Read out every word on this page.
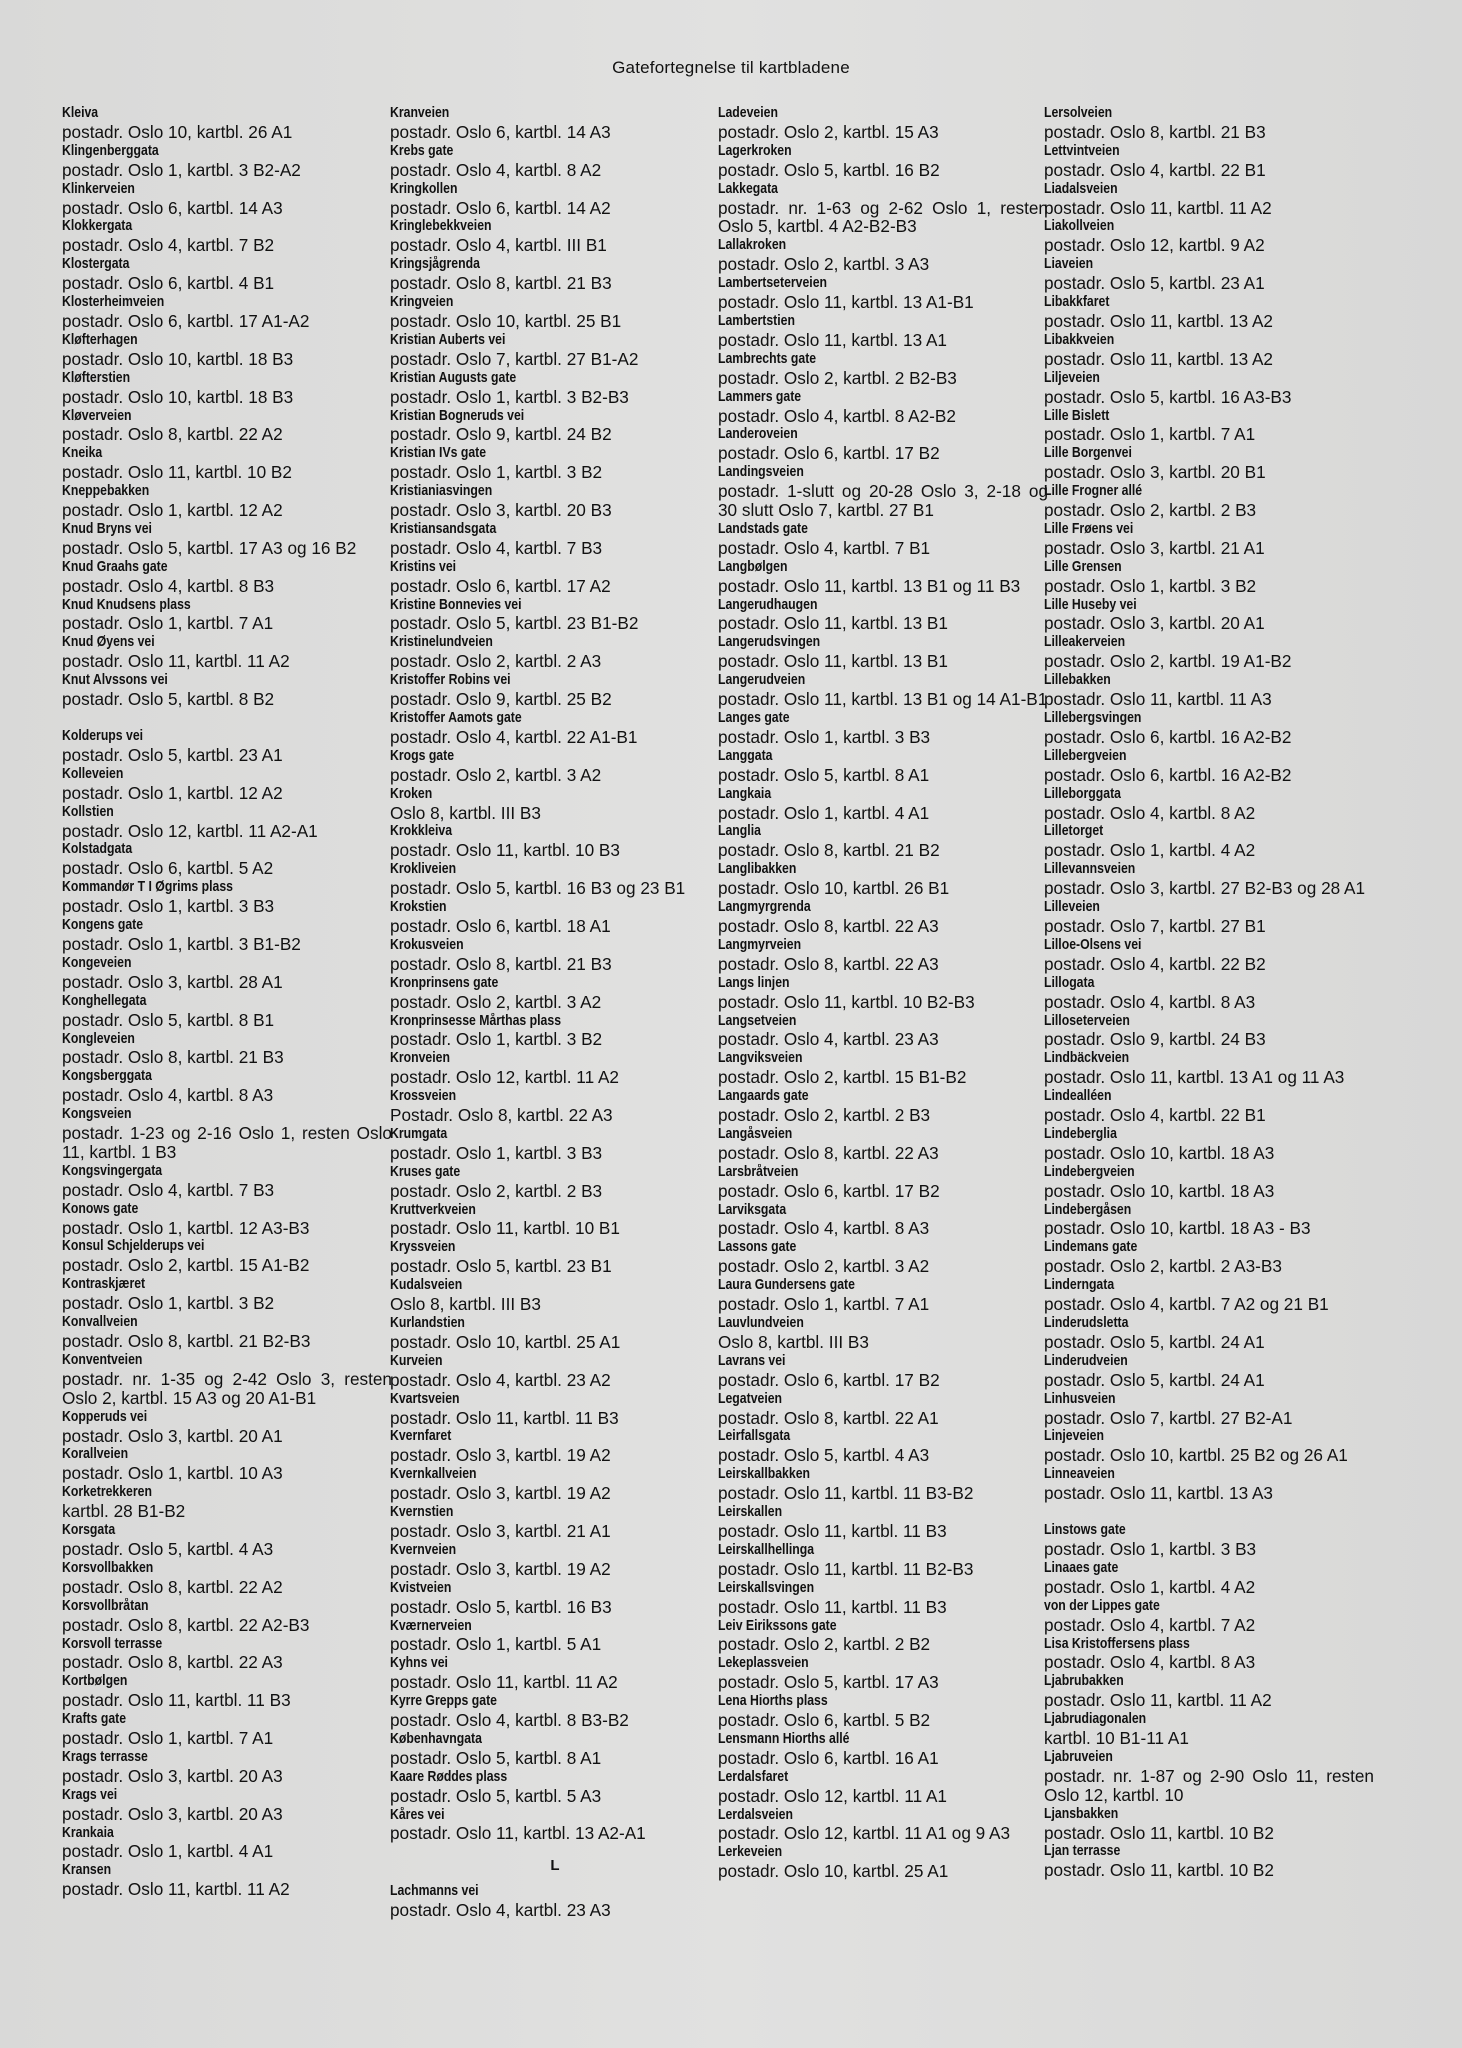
Gatefortegnelse til kartbladene
Kleiva
postadr. Oslo 10, kartbl. 26 A1
Klingenberggata
postadr. Oslo 1, kartbl. 3 B2-A2
Klinkerveien
postadr. Oslo 6, kartbl. 14 A3
Klokkergata
postadr. Oslo 4, kartbl. 7 B2
Klostergata
postadr. Oslo 6, kartbl. 4 B1
Klosterheimveien
postadr. Oslo 6, kartbl. 17 A1-A2
Kløfterhagen
postadr. Oslo 10, kartbl. 18 B3
Kløfterstien
postadr. Oslo 10, kartbl. 18 B3
Kløverveien
postadr. Oslo 8, kartbl. 22 A2
Kneika
postadr. Oslo 11, kartbl. 10 B2
Kneppebakken
postadr. Oslo 1, kartbl. 12 A2
Knud Bryns vei
postadr. Oslo 5, kartbl. 17 A3 og 16 B2
Knud Graahs gate
postadr. Oslo 4, kartbl. 8 B3
Knud Knudsens plass
postadr. Oslo 1, kartbl. 7 A1
Knud Øyens vei
postadr. Oslo 11, kartbl. 11 A2
Knut Alvssons vei
postadr. Oslo 5, kartbl. 8 B2
Kolderups vei
postadr. Oslo 5, kartbl. 23 A1
Kolleveien
postadr. Oslo 1, kartbl. 12 A2
Kollstien
postadr. Oslo 12, kartbl. 11 A2-A1
Kolstadgata
postadr. Oslo 6, kartbl. 5 A2
Kommandør T I Øgrims plass
postadr. Oslo 1, kartbl. 3 B3
Kongens gate
postadr. Oslo 1, kartbl. 3 B1-B2
Kongeveien
postadr. Oslo 3, kartbl. 28 A1
Konghellegata
postadr. Oslo 5, kartbl. 8 B1
Kongleveien
postadr. Oslo 8, kartbl. 21 B3
Kongsberggata
postadr. Oslo 4, kartbl. 8 A3
Kongsveien
postadr. 1-23 og 2-16 Oslo 1, resten Oslo 11, kartbl. 1 B3
Kongsvingergata
postadr. Oslo 4, kartbl. 7 B3
Konows gate
postadr. Oslo 1, kartbl. 12 A3-B3
Konsul Schjelderups vei
postadr. Oslo 2, kartbl. 15 A1-B2
Kontraskjæret
postadr. Oslo 1, kartbl. 3 B2
Konvallveien
postadr. Oslo 8, kartbl. 21 B2-B3
Konventveien
postadr. nr. 1-35 og 2-42 Oslo 3, resten Oslo 2, kartbl. 15 A3 og 20 A1-B1
Kopperuds vei
postadr. Oslo 3, kartbl. 20 A1
Korallveien
postadr. Oslo 1, kartbl. 10 A3
Korketrekkeren
kartbl. 28 B1-B2
Korsgata
postadr. Oslo 5, kartbl. 4 A3
Korsvollbakken
postadr. Oslo 8, kartbl. 22 A2
Korsvollbråtan
postadr. Oslo 8, kartbl. 22 A2-B3
Korsvoll terrasse
postadr. Oslo 8, kartbl. 22 A3
Kortbølgen
postadr. Oslo 11, kartbl. 11 B3
Krafts gate
postadr. Oslo 1, kartbl. 7 A1
Krags terrasse
postadr. Oslo 3, kartbl. 20 A3
Krags vei
postadr. Oslo 3, kartbl. 20 A3
Krankaia
postadr. Oslo 1, kartbl. 4 A1
Kransen
postadr. Oslo 11, kartbl. 11 A2
Kranveien
postadr. Oslo 6, kartbl. 14 A3
Krebs gate
postadr. Oslo 4, kartbl. 8 A2
Kringkollen
postadr. Oslo 6, kartbl. 14 A2
Kringlebekkveien
postadr. Oslo 4, kartbl. III B1
Kringsjågrenda
postadr. Oslo 8, kartbl. 21 B3
Kringveien
postadr. Oslo 10, kartbl. 25 B1
Kristian Auberts vei
postadr. Oslo 7, kartbl. 27 B1-A2
Kristian Augusts gate
postadr. Oslo 1, kartbl. 3 B2-B3
Kristian Bogneruds vei
postadr. Oslo 9, kartbl. 24 B2
Kristian IVs gate
postadr. Oslo 1, kartbl. 3 B2
Kristianiasvingen
postadr. Oslo 3, kartbl. 20 B3
Kristiansandsgata
postadr. Oslo 4, kartbl. 7 B3
Kristins vei
postadr. Oslo 6, kartbl. 17 A2
Kristine Bonnevies vei
postadr. Oslo 5, kartbl. 23 B1-B2
Kristinelundveien
postadr. Oslo 2, kartbl. 2 A3
Kristoffer Robins vei
postadr. Oslo 9, kartbl. 25 B2
Kristoffer Aamots gate
postadr. Oslo 4, kartbl. 22 A1-B1
Krogs gate
postadr. Oslo 2, kartbl. 3 A2
Kroken
Oslo 8, kartbl. III B3
Krokkleiva
postadr. Oslo 11, kartbl. 10 B3
Krokliveien
postadr. Oslo 5, kartbl. 16 B3 og 23 B1
Krokstien
postadr. Oslo 6, kartbl. 18 A1
Krokusveien
postadr. Oslo 8, kartbl. 21 B3
Kronprinsens gate
postadr. Oslo 2, kartbl. 3 A2
Kronprinsesse Mårthas plass
postadr. Oslo 1, kartbl. 3 B2
Kronveien
postadr. Oslo 12, kartbl. 11 A2
Krossveien
Postadr. Oslo 8, kartbl. 22 A3
Krumgata
postadr. Oslo 1, kartbl. 3 B3
Kruses gate
postadr. Oslo 2, kartbl. 2 B3
Kruttverkveien
postadr. Oslo 11, kartbl. 10 B1
Kryssveien
postadr. Oslo 5, kartbl. 23 B1
Kudalsveien
Oslo 8, kartbl. III B3
Kurlandstien
postadr. Oslo 10, kartbl. 25 A1
Kurveien
postadr. Oslo 4, kartbl. 23 A2
Kvartsveien
postadr. Oslo 11, kartbl. 11 B3
Kvernfaret
postadr. Oslo 3, kartbl. 19 A2
Kvernkallveien
postadr. Oslo 3, kartbl. 19 A2
Kvernstien
postadr. Oslo 3, kartbl. 21 A1
Kvernveien
postadr. Oslo 3, kartbl. 19 A2
Kvistveien
postadr. Oslo 5, kartbl. 16 B3
Kværnerveien
postadr. Oslo 1, kartbl. 5 A1
Kyhns vei
postadr. Oslo 11, kartbl. 11 A2
Kyrre Grepps gate
postadr. Oslo 4, kartbl. 8 B3-B2
Københavngata
postadr. Oslo 5, kartbl. 8 A1
Kaare Røddes plass
postadr. Oslo 5, kartbl. 5 A3
Kåres vei
postadr. Oslo 11, kartbl. 13 A2-A1
L
Lachmanns vei
postadr. Oslo 4, kartbl. 23 A3
Ladeveien
postadr. Oslo 2, kartbl. 15 A3
Lagerkroken
postadr. Oslo 5, kartbl. 16 B2
Lakkegata
postadr. nr. 1-63 og 2-62 Oslo 1, resten Oslo 5, kartbl. 4 A2-B2-B3
Lallakroken
postadr. Oslo 2, kartbl. 3 A3
Lambertseterveien
postadr. Oslo 11, kartbl. 13 A1-B1
Lambertstien
postadr. Oslo 11, kartbl. 13 A1
Lambrechts gate
postadr. Oslo 2, kartbl. 2 B2-B3
Lammers gate
postadr. Oslo 4, kartbl. 8 A2-B2
Landeroveien
postadr. Oslo 6, kartbl. 17 B2
Landingsveien
postadr. 1-slutt og 20-28 Oslo 3, 2-18 og 30 slutt Oslo 7, kartbl. 27 B1
Landstads gate
postadr. Oslo 4, kartbl. 7 B1
Langbølgen
postadr. Oslo 11, kartbl. 13 B1 og 11 B3
Langerudhaugen
postadr. Oslo 11, kartbl. 13 B1
Langerudsvingen
postadr. Oslo 11, kartbl. 13 B1
Langerudveien
postadr. Oslo 11, kartbl. 13 B1 og 14 A1-B1
Langes gate
postadr. Oslo 1, kartbl. 3 B3
Langgata
postadr. Oslo 5, kartbl. 8 A1
Langkaia
postadr. Oslo 1, kartbl. 4 A1
Langlia
postadr. Oslo 8, kartbl. 21 B2
Langlibakken
postadr. Oslo 10, kartbl. 26 B1
Langmyrgrenda
postadr. Oslo 8, kartbl. 22 A3
Langmyrveien
postadr. Oslo 8, kartbl. 22 A3
Langs linjen
postadr. Oslo 11, kartbl. 10 B2-B3
Langsetveien
postadr. Oslo 4, kartbl. 23 A3
Langviksveien
postadr. Oslo 2, kartbl. 15 B1-B2
Langaards gate
postadr. Oslo 2, kartbl. 2 B3
Langåsveien
postadr. Oslo 8, kartbl. 22 A3
Larsbråtveien
postadr. Oslo 6, kartbl. 17 B2
Larviksgata
postadr. Oslo 4, kartbl. 8 A3
Lassons gate
postadr. Oslo 2, kartbl. 3 A2
Laura Gundersens gate
postadr. Oslo 1, kartbl. 7 A1
Lauvlundveien
Oslo 8, kartbl. III B3
Lavrans vei
postadr. Oslo 6, kartbl. 17 B2
Legatveien
postadr. Oslo 8, kartbl. 22 A1
Leirfallsgata
postadr. Oslo 5, kartbl. 4 A3
Leirskallbakken
postadr. Oslo 11, kartbl. 11 B3-B2
Leirskallen
postadr. Oslo 11, kartbl. 11 B3
Leirskallhellinga
postadr. Oslo 11, kartbl. 11 B2-B3
Leirskallsvingen
postadr. Oslo 11, kartbl. 11 B3
Leiv Eirikssons gate
postadr. Oslo 2, kartbl. 2 B2
Lekeplassveien
postadr. Oslo 5, kartbl. 17 A3
Lena Hiorths plass
postadr. Oslo 6, kartbl. 5 B2
Lensmann Hiorths allé
postadr. Oslo 6, kartbl. 16 A1
Lerdalsfaret
postadr. Oslo 12, kartbl. 11 A1
Lerdalsveien
postadr. Oslo 12, kartbl. 11 A1 og 9 A3
Lerkeveien
postadr. Oslo 10, kartbl. 25 A1
Lersolveien
postadr. Oslo 8, kartbl. 21 B3
Lettvintveien
postadr. Oslo 4, kartbl. 22 B1
Liadalsveien
postadr. Oslo 11, kartbl. 11 A2
Liakollveien
postadr. Oslo 12, kartbl. 9 A2
Liaveien
postadr. Oslo 5, kartbl. 23 A1
Libakkfaret
postadr. Oslo 11, kartbl. 13 A2
Libakkveien
postadr. Oslo 11, kartbl. 13 A2
Liljeveien
postadr. Oslo 5, kartbl. 16 A3-B3
Lille Bislett
postadr. Oslo 1, kartbl. 7 A1
Lille Borgenvei
postadr. Oslo 3, kartbl. 20 B1
Lille Frogner allé
postadr. Oslo 2, kartbl. 2 B3
Lille Frøens vei
postadr. Oslo 3, kartbl. 21 A1
Lille Grensen
postadr. Oslo 1, kartbl. 3 B2
Lille Huseby vei
postadr. Oslo 3, kartbl. 20 A1
Lilleakerveien
postadr. Oslo 2, kartbl. 19 A1-B2
Lillebakken
postadr. Oslo 11, kartbl. 11 A3
Lillebergsvingen
postadr. Oslo 6, kartbl. 16 A2-B2
Lillebergveien
postadr. Oslo 6, kartbl. 16 A2-B2
Lilleborggata
postadr. Oslo 4, kartbl. 8 A2
Lilletorget
postadr. Oslo 1, kartbl. 4 A2
Lillevannsveien
postadr. Oslo 3, kartbl. 27 B2-B3 og 28 A1
Lilleveien
postadr. Oslo 7, kartbl. 27 B1
Lilloe-Olsens vei
postadr. Oslo 4, kartbl. 22 B2
Lillogata
postadr. Oslo 4, kartbl. 8 A3
Lilloseterveien
postadr. Oslo 9, kartbl. 24 B3
Lindbäckveien
postadr. Oslo 11, kartbl. 13 A1 og 11 A3
Lindealléen
postadr. Oslo 4, kartbl. 22 B1
Lindeberglia
postadr. Oslo 10, kartbl. 18 A3
Lindebergveien
postadr. Oslo 10, kartbl. 18 A3
Lindebergåsen
postadr. Oslo 10, kartbl. 18 A3 - B3
Lindemans gate
postadr. Oslo 2, kartbl. 2 A3-B3
Linderngata
postadr. Oslo 4, kartbl. 7 A2 og 21 B1
Linderudsletta
postadr. Oslo 5, kartbl. 24 A1
Linderudveien
postadr. Oslo 5, kartbl. 24 A1
Linhusveien
postadr. Oslo 7, kartbl. 27 B2-A1
Linjeveien
postadr. Oslo 10, kartbl. 25 B2 og 26 A1
Linneaveien
postadr. Oslo 11, kartbl. 13 A3
Linstows gate
postadr. Oslo 1, kartbl. 3 B3
Linaaes gate
postadr. Oslo 1, kartbl. 4 A2
von der Lippes gate
postadr. Oslo 4, kartbl. 7 A2
Lisa Kristoffersens plass
postadr. Oslo 4, kartbl. 8 A3
Ljabrubakken
postadr. Oslo 11, kartbl. 11 A2
Ljabrudiagonalen
kartbl. 10 B1-11 A1
Ljabruveien
postadr. nr. 1-87 og 2-90 Oslo 11, resten Oslo 12, kartbl. 10
Ljansbakken
postadr. Oslo 11, kartbl. 10 B2
Ljan terrasse
postadr. Oslo 11, kartbl. 10 B2
